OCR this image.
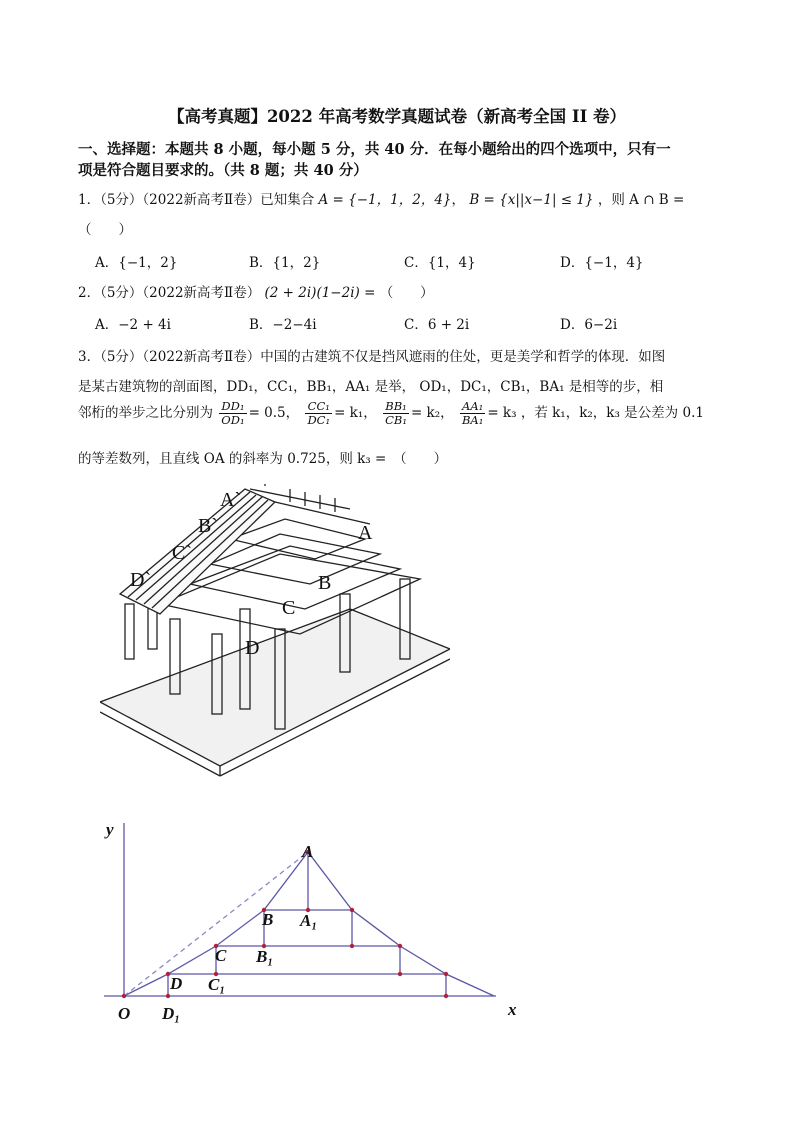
【高考真题】2022 年高考数学真题试卷（新高考全国 II 卷）
一、选择题：本题共 8 小题，每小题 5 分，共 40 分．在每小题给出的四个选项中，只有一
项是符合题目要求的。（共 8 题；共 40 分）
1．（5分）（2022新高考Ⅱ卷）已知集合 A = {−1，1，2，4}， B = {x||x−1| ≤ 1} ，则 A ∩ B =
（　　）
A．{−1，2}	B．{1，2}	C．{1，4}	D．{−1，4}
2．（5分）（2022新高考Ⅱ卷） (2 + 2i)(1−2i) = （　　）
A．−2 + 4i	B．−2−4i	C．6 + 2i	D．6−2i
3．（5分）（2022新高考Ⅱ卷）中国的古建筑不仅是挡风遮雨的住处，更是美学和哲学的体现．如图
是某古建筑物的剖面图，DD₁，CC₁，BB₁，AA₁ 是举， OD₁，DC₁，CB₁，BA₁ 是相等的步，相
邻桁的举步之比分别为 $\frac{\text{DD₁}}{\text{OD₁}} = 0.5$， $\frac{\text{CC₁}}{\text{DC₁}} = k_1$， $\frac{\text{BB₁}}{\text{CB₁}} = k_2$， $\frac{\text{AA₁}}{\text{BA₁}} = k_3$ ，若 k₁，k₂，k₃ 是公差为 0.1
的等差数列，且直线 OA 的斜率为 0.725，则 k₃ =　（　　）
A`
B`
C`
D`
A
B
C
D
y
x
O
A
B
C
D
A₁
B₁
C₁
D₁
